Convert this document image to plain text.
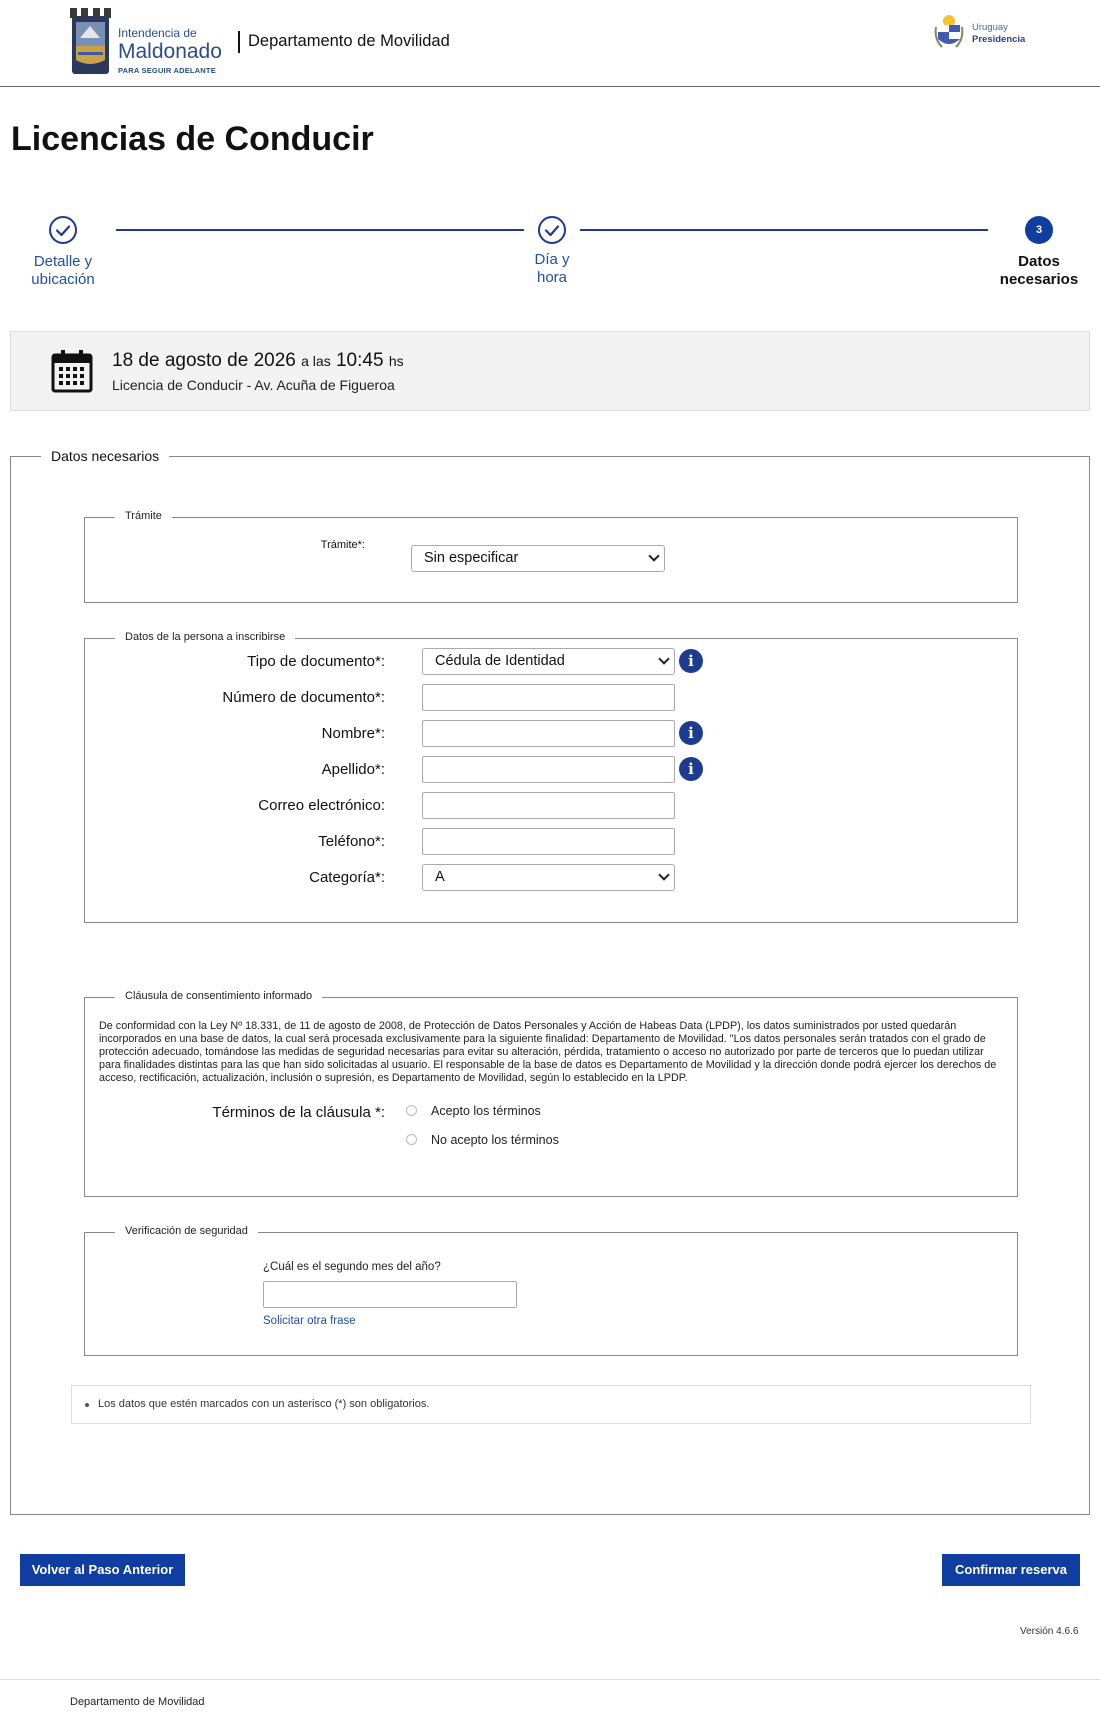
Intendencia de
Maldonado
PARA SEGUIR ADELANTE
Departamento de Movilidad
Uruguay
Presidencia
Licencias de Conducir
Detalle y
ubicación
Día y
hora
3
Datos
necesarios
18 de agosto de 2026 a las 10:45 hs
Licencia de Conducir - Av. Acuña de Figueroa
Datos necesarios
Trámite
Trámite*:
Sin especificar
Datos de la persona a inscribirse
Tipo de documento*:	Cédula de Identidad	i
Número de documento*:
Nombre*:	i
Apellido*:	i
Correo electrónico:
Teléfono*:
Categoría*:	A
Cláusula de consentimiento informado
De conformidad con la Ley Nº 18.331, de 11 de agosto de 2008, de Protección de Datos Personales y Acción de Habeas Data (LPDP), los datos suministrados por usted quedarán incorporados en una base de datos, la cual será procesada exclusivamente para la siguiente finalidad: Departamento de Movilidad. "Los datos personales serán tratados con el grado de protección adecuado, tomándose las medidas de seguridad necesarias para evitar su alteración, pérdida, tratamiento o acceso no autorizado por parte de terceros que lo puedan utilizar para finalidades distintas para las que han sido solicitadas al usuario. El responsable de la base de datos es Departamento de Movilidad y la dirección donde podrá ejercer los derechos de acceso, rectificación, actualización, inclusión o supresión, es Departamento de Movilidad, según lo establecido en la LPDP.
Términos de la cláusula *:	Acepto los términos
No acepto los términos
Verificación de seguridad
¿Cuál es el segundo mes del año?
Solicitar otra frase
Los datos que estén marcados con un asterisco (*) son obligatorios.
Volver al Paso Anterior	Confirmar reserva
Versión 4.6.6
Departamento de Movilidad
